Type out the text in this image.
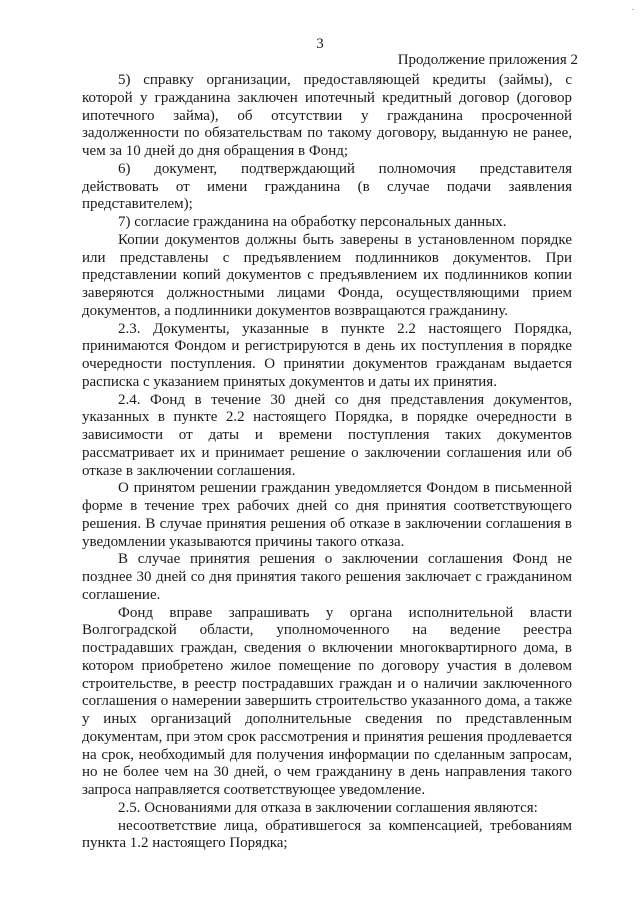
.
3
Продолжение приложения 2

5) справку организации, предоставляющей кредиты (займы), с которой у гражданина заключен ипотечный кредитный договор (договор ипотечного займа), об отсутствии у гражданина просроченной задолженности по обязательствам по такому договору, выданную не ранее, чем за 10 дней до дня обращения в Фонд;

6) документ, подтверждающий полномочия представителя действовать от имени гражданина (в случае подачи заявления представителем);

7) согласие гражданина на обработку персональных данных.

Копии документов должны быть заверены в установленном порядке или представлены с предъявлением подлинников документов. При представлении копий документов с предъявлением их подлинников копии заверяются должностными лицами Фонда, осуществляющими прием документов, а подлинники документов возвращаются гражданину.

2.3. Документы, указанные в пункте 2.2 настоящего Порядка, принимаются Фондом и регистрируются в день их поступления в порядке очередности поступления. О принятии документов гражданам выдается расписка с указанием принятых документов и даты их принятия.

2.4. Фонд в течение 30 дней со дня представления документов, указанных в пункте 2.2 настоящего Порядка, в порядке очередности в зависимости от даты и времени поступления таких документов рассматривает их и принимает решение о заключении соглашения или об отказе в заключении соглашения.

О принятом решении гражданин уведомляется Фондом в письменной форме в течение трех рабочих дней со дня принятия соответствующего решения. В случае принятия решения об отказе в заключении соглашения в уведомлении указываются причины такого отказа.

В случае принятия решения о заключении соглашения Фонд не позднее 30 дней со дня принятия такого решения заключает с гражданином соглашение.

Фонд вправе запрашивать у органа исполнительной власти Волгоградской области, уполномоченного на ведение реестра пострадавших граждан, сведения о включении многоквартирного дома, в котором приобретено жилое помещение по договору участия в долевом строительстве, в реестр пострадавших граждан и о наличии заключенного соглашения о намерении завершить строительство указанного дома, а также у иных организаций дополнительные сведения по представленным документам, при этом срок рассмотрения и принятия решения продлевается на срок, необходимый для получения информации по сделанным запросам, но не более чем на 30 дней, о чем гражданину в день направления такого запроса направляется соответствующее уведомление.

2.5. Основаниями для отказа в заключении соглашения являются:

несоответствие лица, обратившегося за компенсацией, требованиям пункта 1.2 настоящего Порядка;
